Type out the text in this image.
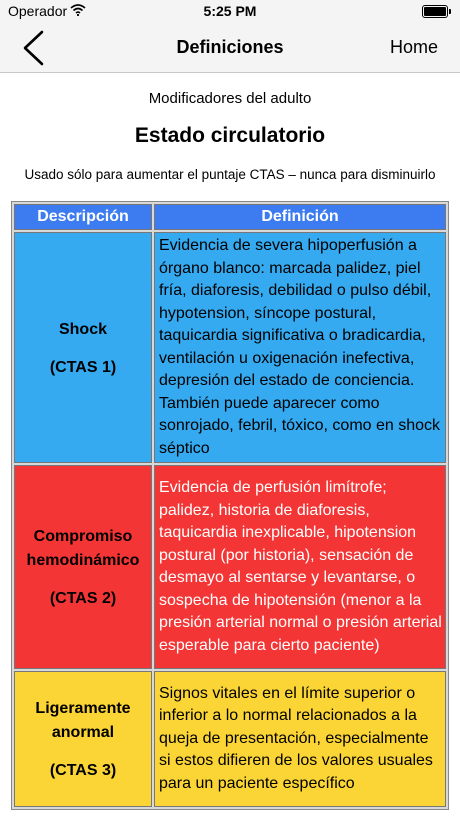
Operador	5:25 PM
Definiciones	Home
Modificadores del adulto
Estado circulatorio
Usado sólo para aumentar el puntaje CTAS – nunca para disminuirlo
Descripción	Definición

Shock
(CTAS 1)	Evidencia de severa hipoperfusión a órgano blanco: marcada palidez, piel fría, diaforesis, debilidad o pulso débil, hypotension, síncope postural, taquicardia significativa o bradicardia, ventilación u oxigenación inefectiva, depresión del estado de conciencia. También puede aparecer como sonrojado, febril, tóxico, como en shock séptico

Compromiso hemodinámico
(CTAS 2)	Evidencia de perfusión limítrofe; palidez, historia de diaforesis, taquicardia inexplicable, hipotension postural (por historia), sensación de desmayo al sentarse y levantarse, o sospecha de hipotensión (menor a la presión arterial normal o presión arterial esperable para cierto paciente)

Ligeramente anormal
(CTAS 3)	Signos vitales en el límite superior o inferior a lo normal relacionados a la queja de presentación, especialmente si estos difieren de los valores usuales para un paciente específico
